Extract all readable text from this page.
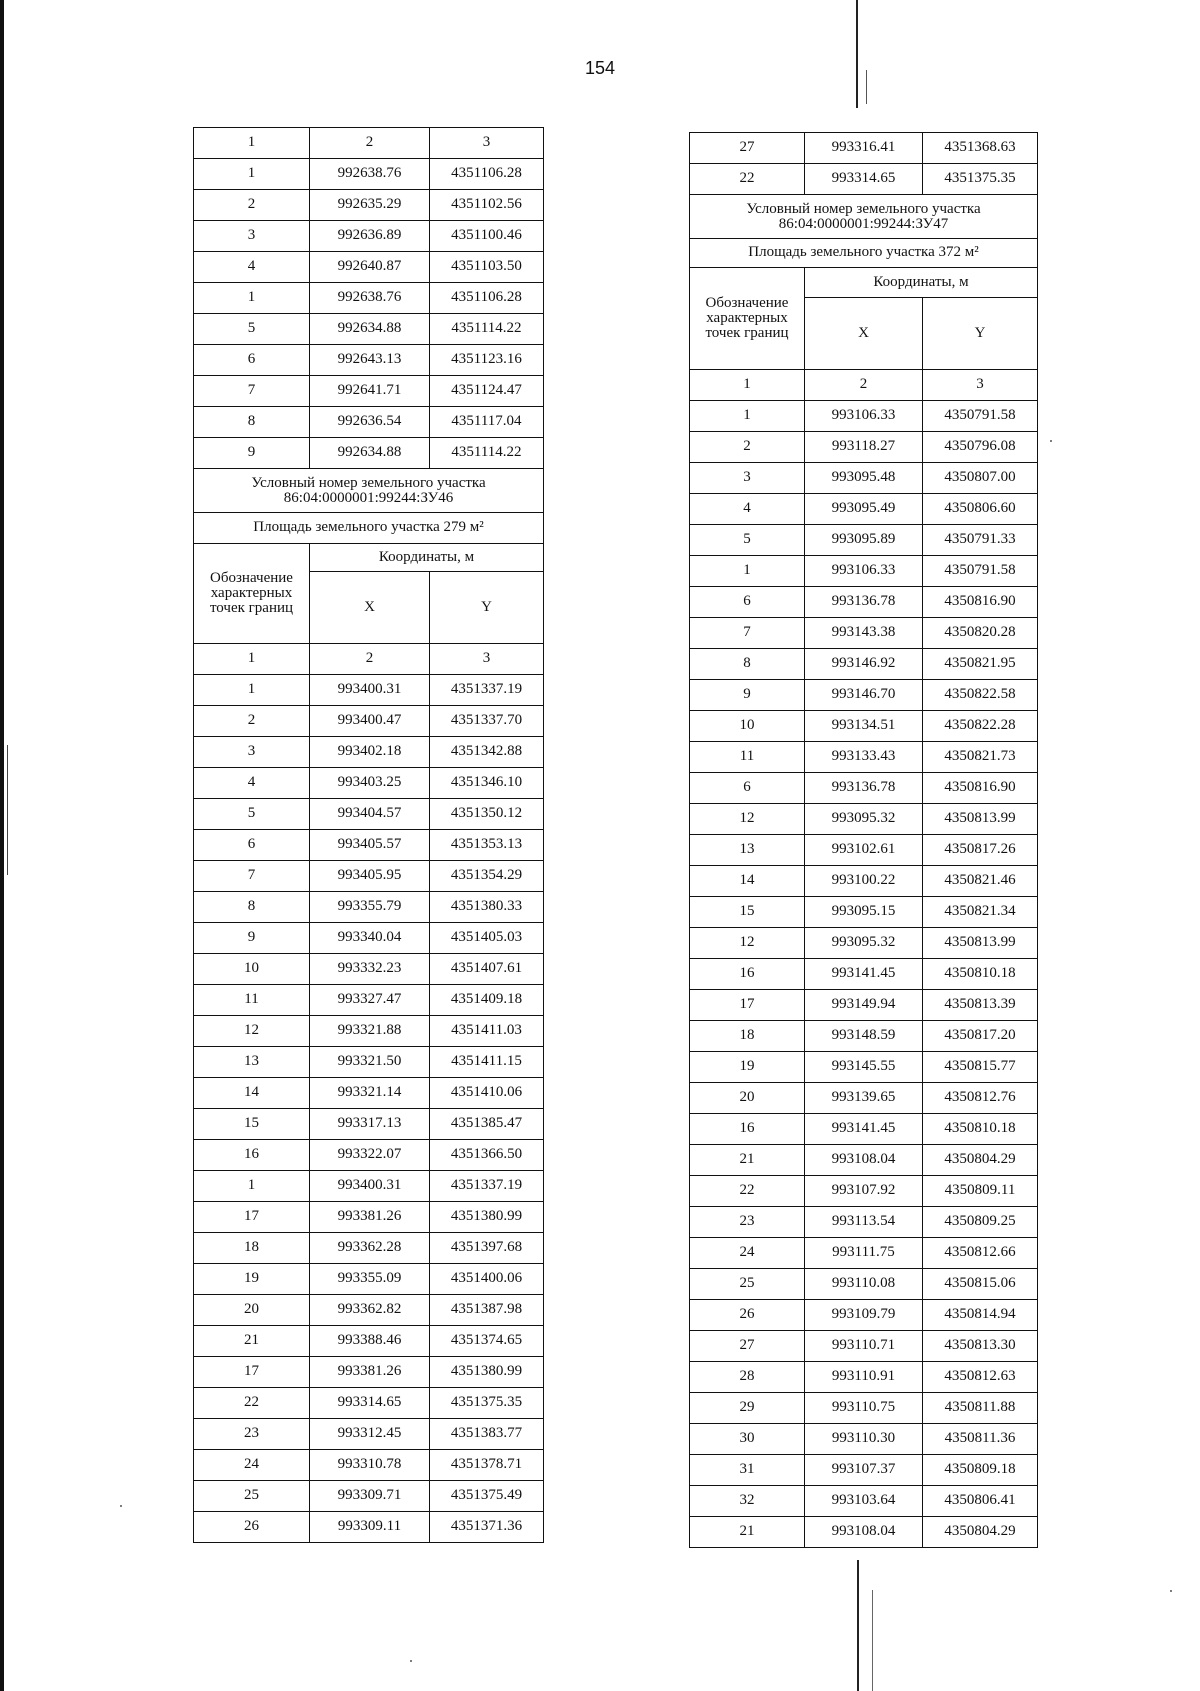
154
1	2	3
1	992638.76	4351106.28
2	992635.29	4351102.56
3	992636.89	4351100.46
4	992640.87	4351103.50
1	992638.76	4351106.28
5	992634.88	4351114.22
6	992643.13	4351123.16
7	992641.71	4351124.47
8	992636.54	4351117.04
9	992634.88	4351114.22

Условный номер земельного участка
86:04:0000001:99244:ЗУ46		

Площадь земельного участка 279 м²		
Обозначение характерных точек границ	Координаты, м	
	X	Y
1	2	3
1	993400.31	4351337.19
2	993400.47	4351337.70
3	993402.18	4351342.88
4	993403.25	4351346.10
5	993404.57	4351350.12
6	993405.57	4351353.13
7	993405.95	4351354.29
8	993355.79	4351380.33
9	993340.04	4351405.03
10	993332.23	4351407.61
11	993327.47	4351409.18
12	993321.88	4351411.03
13	993321.50	4351411.15
14	993321.14	4351410.06
15	993317.13	4351385.47
16	993322.07	4351366.50
1	993400.31	4351337.19
17	993381.26	4351380.99
18	993362.28	4351397.68
19	993355.09	4351400.06
20	993362.82	4351387.98
21	993388.46	4351374.65
17	993381.26	4351380.99
22	993314.65	4351375.35
23	993312.45	4351383.77
24	993310.78	4351378.71
25	993309.71	4351375.49
26	993309.11	4351371.36
27	993316.41	4351368.63
22	993314.65	4351375.35

Условный номер земельного участка
86:04:0000001:99244:ЗУ47		

Площадь земельного участка 372 м²		
Обозначение характерных точек границ	Координаты, м	
	X	Y
1	2	3
1	993106.33	4350791.58
2	993118.27	4350796.08
3	993095.48	4350807.00
4	993095.49	4350806.60
5	993095.89	4350791.33
1	993106.33	4350791.58
6	993136.78	4350816.90
7	993143.38	4350820.28
8	993146.92	4350821.95
9	993146.70	4350822.58
10	993134.51	4350822.28
11	993133.43	4350821.73
6	993136.78	4350816.90
12	993095.32	4350813.99
13	993102.61	4350817.26
14	993100.22	4350821.46
15	993095.15	4350821.34
12	993095.32	4350813.99
16	993141.45	4350810.18
17	993149.94	4350813.39
18	993148.59	4350817.20
19	993145.55	4350815.77
20	993139.65	4350812.76
16	993141.45	4350810.18
21	993108.04	4350804.29
22	993107.92	4350809.11
23	993113.54	4350809.25
24	993111.75	4350812.66
25	993110.08	4350815.06
26	993109.79	4350814.94
27	993110.71	4350813.30
28	993110.91	4350812.63
29	993110.75	4350811.88
30	993110.30	4350811.36
31	993107.37	4350809.18
32	993103.64	4350806.41
21	993108.04	4350804.29
